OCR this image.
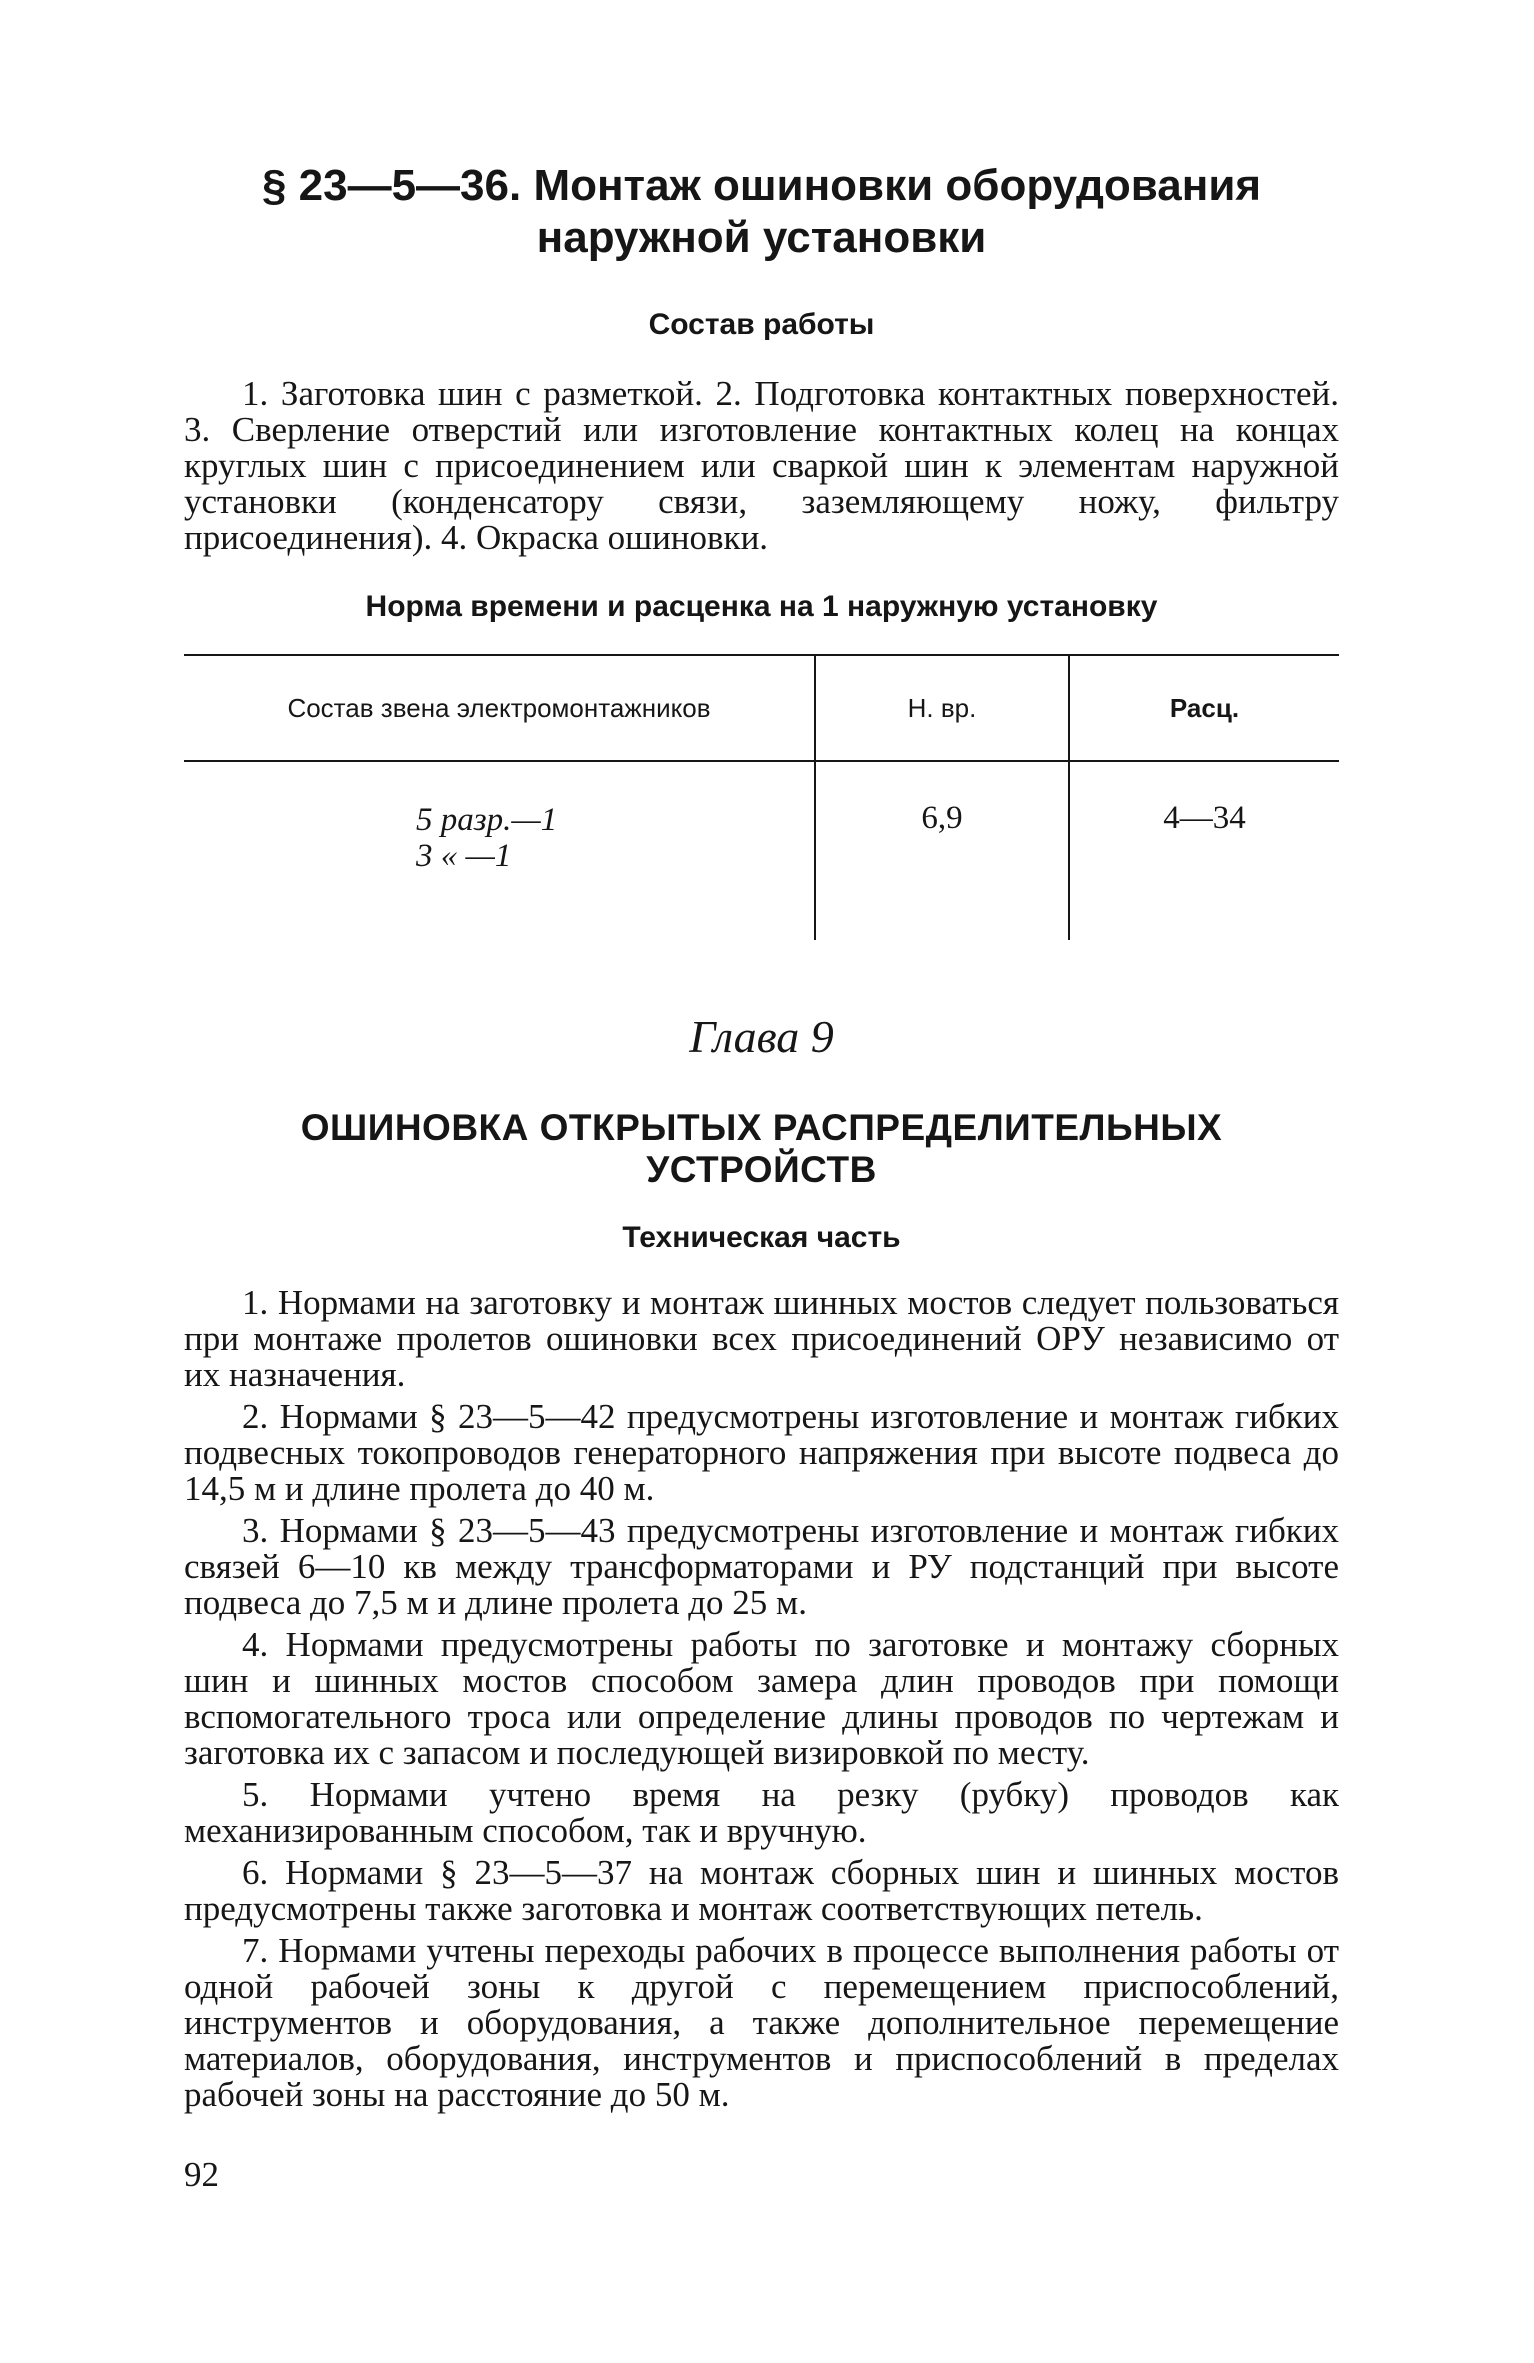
§ 23—5—36. Монтаж ошиновки оборудования

наружной установки

Состав работы

1. Заготовка шин с разметкой. 2. Подготовка контактных поверхностей. 3. Сверление отверстий или изготовление контактных колец на концах круглых шин с присоединением или сваркой шин к элементам наружной установки (конденсатору связи, заземляющему ножу, фильтру присоединения). 4. Окраска ошиновки.

Норма времени и расценка на 1 наружную установку

Состав звена электромонтажников	Н. вр.	Расц.

5 разр.—1
3 « —1	6,9	4—34

Глава 9

ОШИНОВКА ОТКРЫТЫХ РАСПРЕДЕЛИТЕЛЬНЫХ УСТРОЙСТВ

Техническая часть

1. Нормами на заготовку и монтаж шинных мостов следует пользоваться при монтаже пролетов ошиновки всех присоединений ОРУ независимо от их назначения.

2. Нормами § 23—5—42 предусмотрены изготовление и монтаж гибких подвесных токопроводов генераторного напряжения при высоте подвеса до 14,5 м и длине пролета до 40 м.

3. Нормами § 23—5—43 предусмотрены изготовление и монтаж гибких связей 6—10 кв между трансформаторами и РУ подстанций при высоте подвеса до 7,5 м и длине пролета до 25 м.

4. Нормами предусмотрены работы по заготовке и монтажу сборных шин и шинных мостов способом замера длин проводов при помощи вспомогательного троса или определение длины проводов по чертежам и заготовка их с запасом и последующей визировкой по месту.

5. Нормами учтено время на резку (рубку) проводов как механизированным способом, так и вручную.

6. Нормами § 23—5—37 на монтаж сборных шин и шинных мостов предусмотрены также заготовка и монтаж соответствующих петель.

7. Нормами учтены переходы рабочих в процессе выполнения работы от одной рабочей зоны к другой с перемещением приспособлений, инструментов и оборудования, а также дополнительное перемещение материалов, оборудования, инструментов и приспособлений в пределах рабочей зоны на расстояние до 50 м.

92
